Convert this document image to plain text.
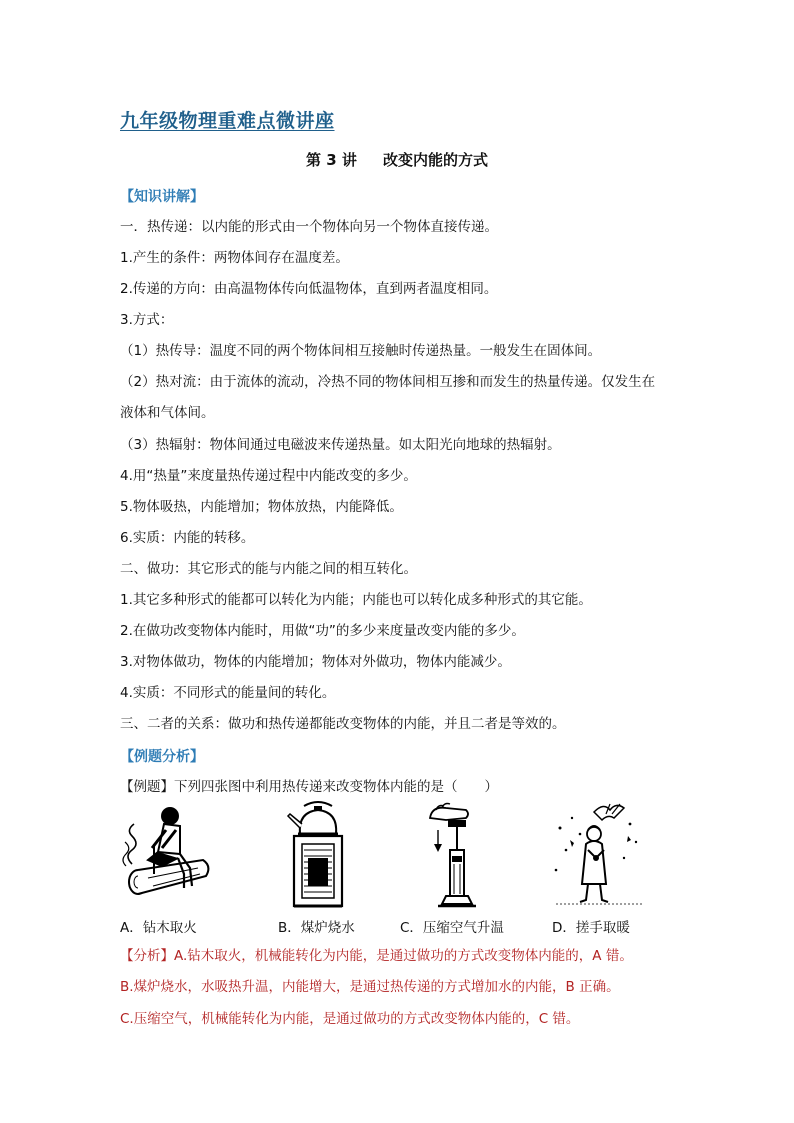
九年级物理重难点微讲座
第 3 讲 改变内能的方式
【知识讲解】
一．热传递：以内能的形式由一个物体向另一个物体直接传递。
1.产生的条件：两物体间存在温度差。
2.传递的方向：由高温物体传向低温物体，直到两者温度相同。
3.方式：
（1）热传导：温度不同的两个物体间相互接触时传递热量。一般发生在固体间。
（2）热对流：由于流体的流动，冷热不同的物体间相互掺和而发生的热量传递。仅发生在
液体和气体间。
（3）热辐射：物体间通过电磁波来传递热量。如太阳光向地球的热辐射。
4.用“热量”来度量热传递过程中内能改变的多少。
5.物体吸热，内能增加；物体放热，内能降低。
6.实质：内能的转移。
二、做功：其它形式的能与内能之间的相互转化。
1.其它多种形式的能都可以转化为内能；内能也可以转化成多种形式的其它能。
2.在做功改变物体内能时，用做“功”的多少来度量改变内能的多少。
3.对物体做功，物体的内能增加；物体对外做功，物体内能减少。
4.实质：不同形式的能量间的转化。
三、二者的关系：做功和热传递都能改变物体的内能，并且二者是等效的。
【例题分析】
【例题】下列四张图中利用热传递来改变物体内能的是（　　）
A．钻木取火	B．煤炉烧水	C．压缩空气升温	D．搓手取暖
【分析】A.钻木取火，机械能转化为内能，是通过做功的方式改变物体内能的，A 错。
B.煤炉烧水，水吸热升温，内能增大，是通过热传递的方式增加水的内能，B 正确。
C.压缩空气，机械能转化为内能，是通过做功的方式改变物体内能的，C 错。
